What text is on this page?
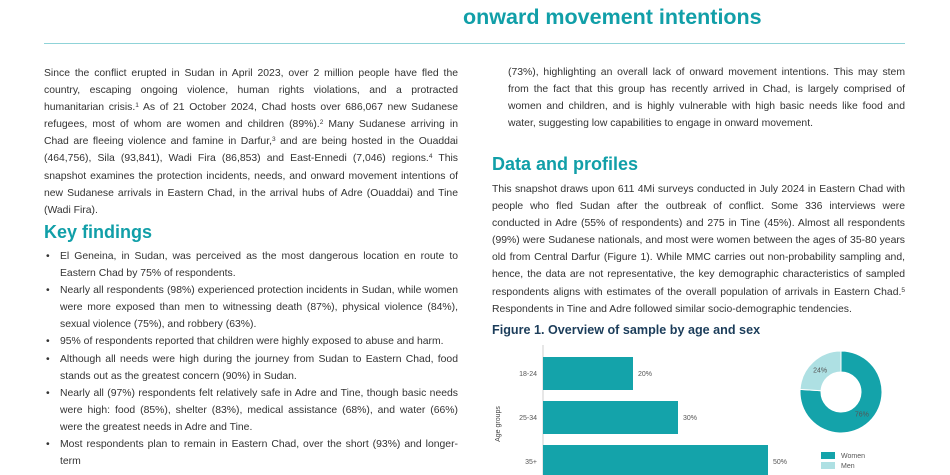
onward movement intentions
Since the conflict erupted in Sudan in April 2023, over 2 million people have fled the country, escaping ongoing violence, human rights violations, and a protracted humanitarian crisis.$^1$ As of 21 October 2024, Chad hosts over 686,067 new Sudanese refugees, most of whom are women and children (89%).$^2$ Many Sudanese arriving in Chad are fleeing violence and famine in Darfur,$^3$ and are being hosted in the Ouaddai (464,756), Sila (93,841), Wadi Fira (86,853) and East-Ennedi (7,046) regions.$^4$ This snapshot examines the protection incidents, needs, and onward movement intentions of new Sudanese arrivals in Eastern Chad, in the arrival hubs of Adre (Ouaddai) and Tine (Wadi Fira).
Key findings
• El Geneina, in Sudan, was perceived as the most dangerous location en route to Eastern Chad by 75% of respondents.
• Nearly all respondents (98%) experienced protection incidents in Sudan, while women were more exposed than men to witnessing death (87%), physical violence (84%), sexual violence (75%), and robbery (63%).
• 95% of respondents reported that children were highly exposed to abuse and harm.
• Although all needs were high during the journey from Sudan to Eastern Chad, food stands out as the greatest concern (90%) in Sudan.
• Nearly all (97%) respondents felt relatively safe in Adre and Tine, though basic needs were high: food (85%), shelter (83%), medical assistance (68%), and water (66%) were the greatest needs in Adre and Tine.
• Most respondents plan to remain in Eastern Chad, over the short (93%) and longer-term
(73%), highlighting an overall lack of onward movement intentions. This may stem from the fact that this group has recently arrived in Chad, is largely comprised of women and children, and is highly vulnerable with high basic needs like food and water, suggesting low capabilities to engage in onward movement.
Data and profiles
This snapshot draws upon 611 4Mi surveys conducted in July 2024 in Eastern Chad with people who fled Sudan after the outbreak of conflict. Some 336 interviews were conducted in Adre (55% of respondents) and 275 in Tine (45%). Almost all respondents (99%) were Sudanese nationals, and most were women between the ages of 35-80 years old from Central Darfur (Figure 1). While MMC carries out non-probability sampling and, hence, the data are not representative, the key demographic characteristics of sampled respondents aligns with estimates of the overall population of arrivals in Eastern Chad.$^5$ Respondents in Tine and Adre followed similar socio-demographic tendencies.
Figure 1. Overview of sample by age and sex
Age groups
18-24	20%
25-34	30%
35+	50%
76%
24%
Women
Men
